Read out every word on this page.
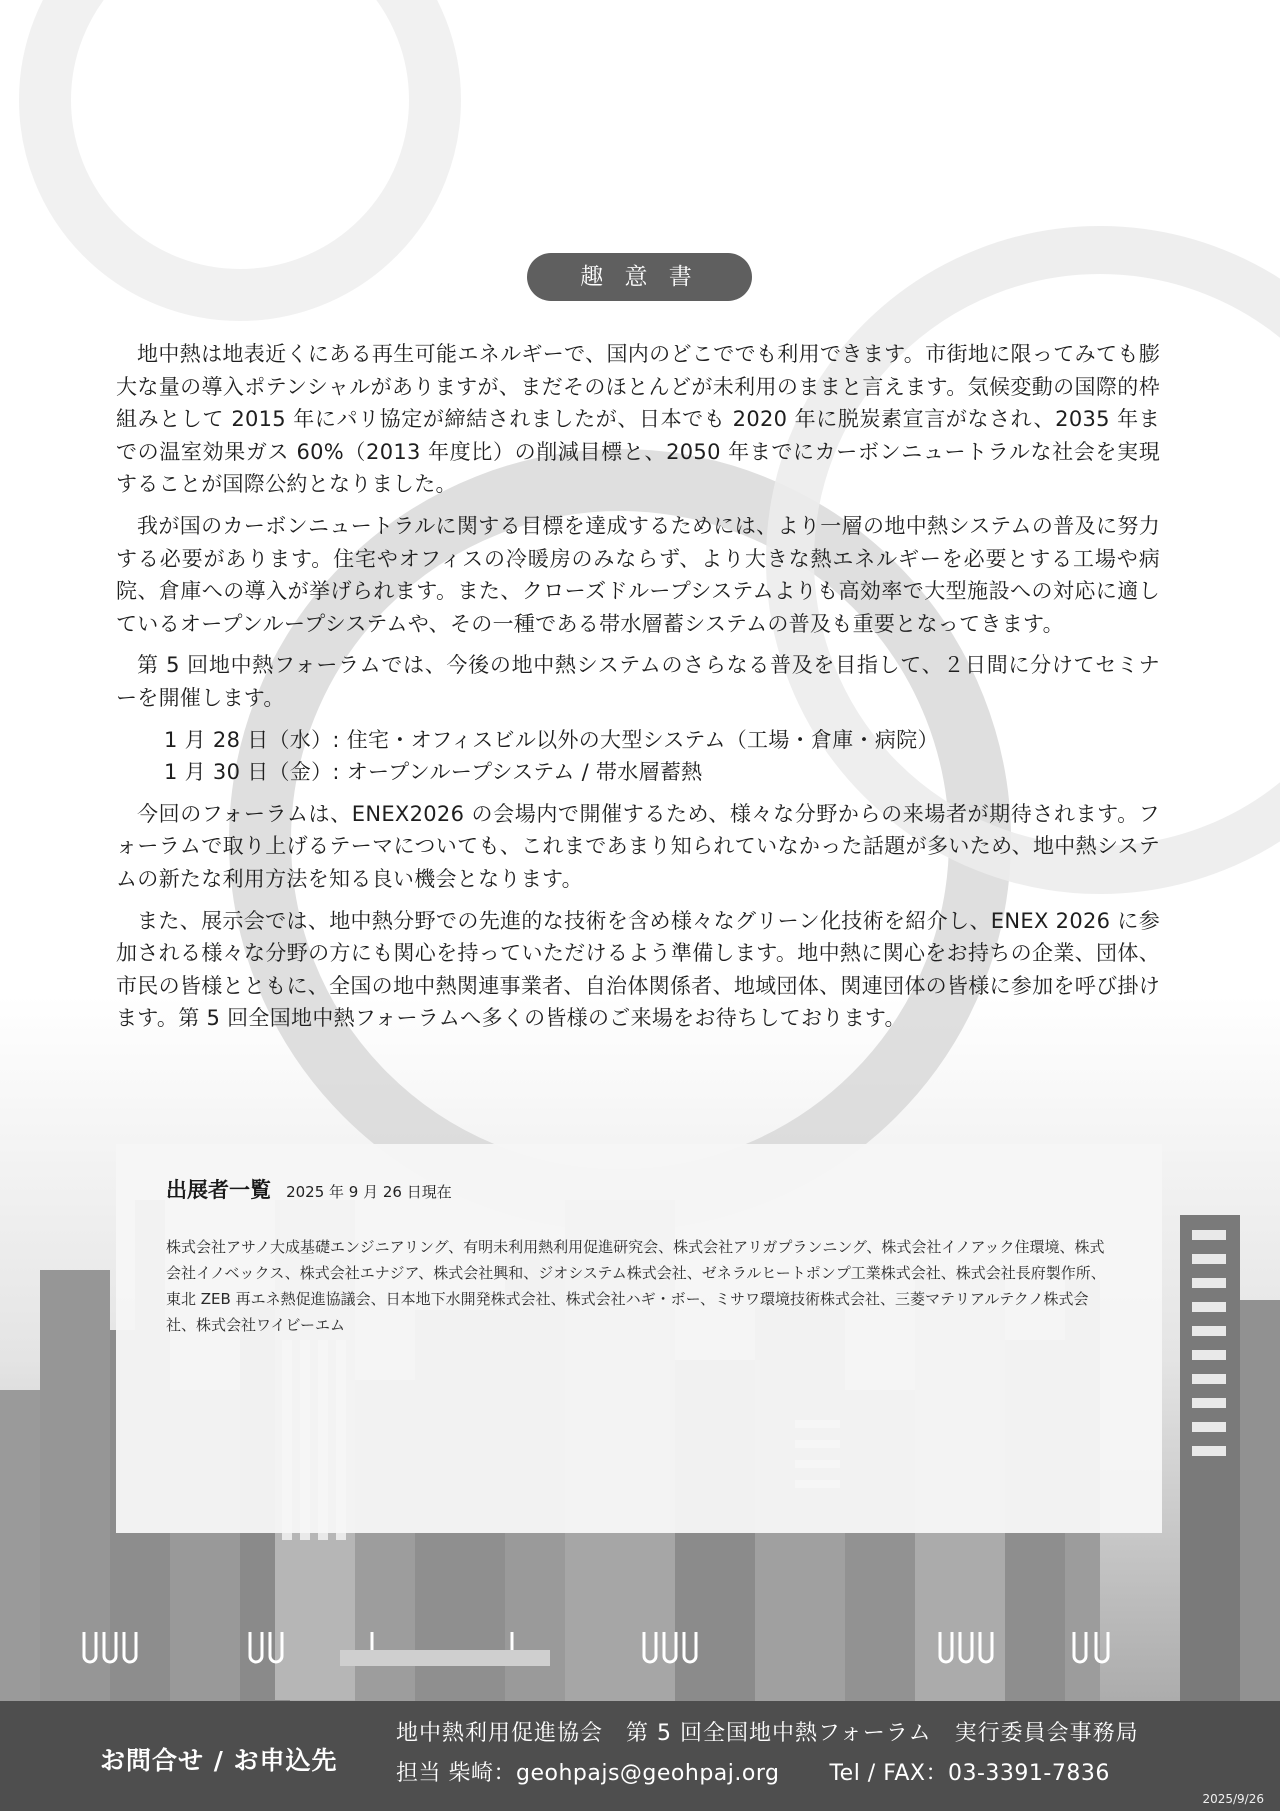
趣 意 書

地中熱は地表近くにある再生可能エネルギーで、国内のどこででも利用できます。市街地に限ってみても膨大な量の導入ポテンシャルがありますが、まだそのほとんどが未利用のままと言えます。気候変動の国際的枠組みとして 2015 年にパリ協定が締結されましたが、日本でも 2020 年に脱炭素宣言がなされ、2035 年までの温室効果ガス 60%（2013 年度比）の削減目標と、2050 年までにカーボンニュートラルな社会を実現することが国際公約となりました。

我が国のカーボンニュートラルに関する目標を達成するためには、より一層の地中熱システムの普及に努力する必要があります。住宅やオフィスの冷暖房のみならず、より大きな熱エネルギーを必要とする工場や病院、倉庫への導入が挙げられます。また、クローズドループシステムよりも高効率で大型施設への対応に適しているオープンループシステムや、その一種である帯水層蓄システムの普及も重要となってきます。

第 5 回地中熱フォーラムでは、今後の地中熱システムのさらなる普及を目指して、２日間に分けてセミナーを開催します。

1 月 28 日（水）: 住宅・オフィスビル以外の大型システム（工場・倉庫・病院）
1 月 30 日（金）: オープンループシステム / 帯水層蓄熱

今回のフォーラムは、ENEX2026 の会場内で開催するため、様々な分野からの来場者が期待されます。フォーラムで取り上げるテーマについても、これまであまり知られていなかった話題が多いため、地中熱システムの新たな利用方法を知る良い機会となります。

また、展示会では、地中熱分野での先進的な技術を含め様々なグリーン化技術を紹介し、ENEX 2026 に参加される様々な分野の方にも関心を持っていただけるよう準備します。地中熱に関心をお持ちの企業、団体、市民の皆様とともに、全国の地中熱関連事業者、自治体関係者、地域団体、関連団体の皆様に参加を呼び掛けます。第 5 回全国地中熱フォーラムへ多くの皆様のご来場をお待ちしております。

出展者一覧 2025 年 9 月 26 日現在
株式会社アサノ大成基礎エンジニアリング、有明未利用熱利用促進研究会、株式会社アリガプランニング、株式会社イノアック住環境、株式会社イノベックス、株式会社エナジア、株式会社興和、ジオシステム株式会社、ゼネラルヒートポンプ工業株式会社、株式会社長府製作所、東北 ZEB 再エネ熱促進協議会、日本地下水開発株式会社、株式会社ハギ・ボー、ミサワ環境技術株式会社、三菱マテリアルテクノ株式会社、株式会社ワイビーエム
お問合せ / お申込先
地中熱利用促進協会　第 5 回全国地中熱フォーラム　実行委員会事務局
担当 柴崎：geohpajs@geohpaj.org Tel / FAX：03-3391-7836
2025/9/26
